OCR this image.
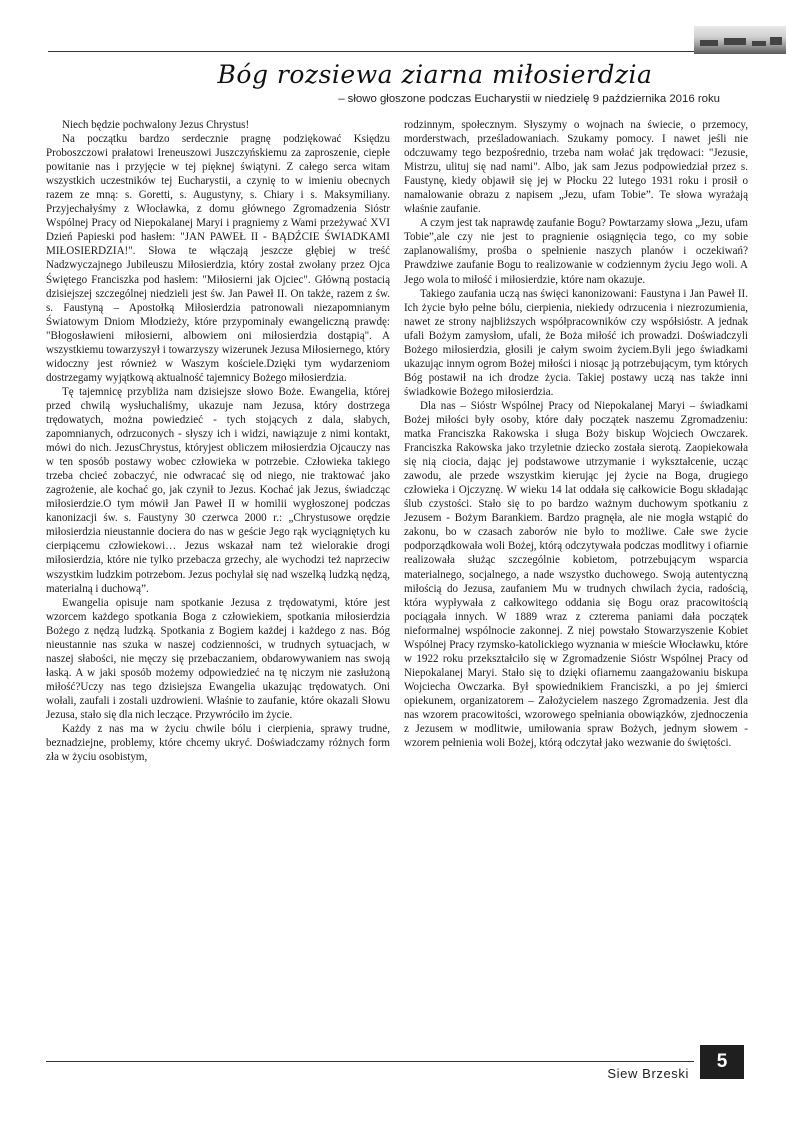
Bóg rozsiewa ziarna miłosierdzia
– słowo głoszone podczas Eucharystii w niedzielę 9 października 2016 roku

Niech będzie pochwalony Jezus Chrystus!

Na początku bardzo serdecznie pragnę podziękować Księdzu Proboszczowi prałatowi Ireneuszowi Juszczyńskiemu za zaproszenie, ciepłe powitanie nas i przyjęcie w tej pięknej świątyni. Z całego serca witam wszystkich uczestników tej Eucharystii, a czynię to w imieniu obecnych razem ze mną: s. Goretti, s. Augustyny, s. Chiary i s. Maksymiliany. Przyjechałyśmy z Włocławka, z domu głównego Zgromadzenia Sióstr Wspólnej Pracy od Niepokalanej Maryi i pragniemy z Wami przeżywać XVI Dzień Papieski pod hasłem: "JAN PAWEŁ II - BĄDŹCIE ŚWIADKAMI MIŁOSIERDZIA!". Słowa te włączają jeszcze głębiej w treść Nadzwyczajnego Jubileuszu Miłosierdzia, który został zwołany przez Ojca Świętego Franciszka pod hasłem: "Miłosierni jak Ojciec". Główną postacią dzisiejszej szczególnej niedzieli jest św. Jan Paweł II. On także, razem z św. s. Faustyną – Apostołką Miłosierdzia patronowali niezapomnianym Światowym Dniom Młodzieży, które przypominały ewangeliczną prawdę: "Błogosławieni miłosierni, albowiem oni miłosierdzia dostąpią". A wszystkiemu towarzyszył i towarzyszy wizerunek Jezusa Miłosiernego, który widoczny jest również w Waszym kościele.Dzięki tym wydarzeniom dostrzegamy wyjątkową aktualność tajemnicy Bożego miłosierdzia.

Tę tajemnicę przybliża nam dzisiejsze słowo Boże. Ewangelia, której przed chwilą wysłuchaliśmy, ukazuje nam Jezusa, który dostrzega trędowatych, można powiedzieć - tych stojących z dala, słabych, zapomnianych, odrzuconych - słyszy ich i widzi, nawiązuje z nimi kontakt, mówi do nich. JezusChrystus, któryjest obliczem miłosierdzia Ojcauczy nas w ten sposób postawy wobec człowieka w potrzebie. Człowieka takiego trzeba chcieć zobaczyć, nie odwracać się od niego, nie traktować jako zagrożenie, ale kochać go, jak czynił to Jezus. Kochać jak Jezus, świadcząc miłosierdzie.O tym mówił Jan Paweł II w homilii wygłoszonej podczas kanonizacji św. s. Faustyny 30 czerwca 2000 r.: „Chrystusowe orędzie miłosierdzia nieustannie dociera do nas w geście Jego rąk wyciągniętych ku cierpiącemu człowiekowi… Jezus wskazał nam też wielorakie drogi miłosierdzia, które nie tylko przebacza grzechy, ale wychodzi też naprzeciw wszystkim ludzkim potrzebom. Jezus pochylał się nad wszelką ludzką nędzą, materialną i duchową”.

Ewangelia opisuje nam spotkanie Jezusa z trędowatymi, które jest wzorcem każdego spotkania Boga z człowiekiem, spotkania miłosierdzia Bożego z nędzą ludzką. Spotkania z Bogiem każdej i każdego z nas. Bóg nieustannie nas szuka w naszej codzienności, w trudnych sytuacjach, w naszej słabości, nie męczy się przebaczaniem, obdarowywaniem nas swoją łaską. A w jaki sposób możemy odpowiedzieć na tę niczym nie zasłużoną miłość?Uczy nas tego dzisiejsza Ewangelia ukazując trędowatych. Oni wołali, zaufali i zostali uzdrowieni. Właśnie to zaufanie, które okazali Słowu Jezusa, stało się dla nich leczące. Przywróciło im życie.

Każdy z nas ma w życiu chwile bólu i cierpienia, sprawy trudne, beznadziejne, problemy, które chcemy ukryć. Doświadczamy różnych form zła w życiu osobistym,

rodzinnym, społecznym. Słyszymy o wojnach na świecie, o przemocy, morderstwach, prześladowaniach. Szukamy pomocy. I nawet jeśli nie odczuwamy tego bezpośrednio, trzeba nam wołać jak trędowaci: "Jezusie, Mistrzu, ulituj się nad nami". Albo, jak sam Jezus podpowiedział przez s. Faustynę, kiedy objawił się jej w Płocku 22 lutego 1931 roku i prosił o namalowanie obrazu z napisem „Jezu, ufam Tobie”. Te słowa wyrażają właśnie zaufanie.

A czym jest tak naprawdę zaufanie Bogu? Powtarzamy słowa „Jezu, ufam Tobie”,ale czy nie jest to pragnienie osiągnięcia tego, co my sobie zaplanowaliśmy, prośba o spełnienie naszych planów i oczekiwań? Prawdziwe zaufanie Bogu to realizowanie w codziennym życiu Jego woli. A Jego wola to miłość i miłosierdzie, które nam okazuje.

Takiego zaufania uczą nas święci kanonizowani: Faustyna i Jan Paweł II. Ich życie było pełne bólu, cierpienia, niekiedy odrzucenia i niezrozumienia, nawet ze strony najbliższych współpracowników czy współsióstr. A jednak ufali Bożym zamysłom, ufali, że Boża miłość ich prowadzi. Doświadczyli Bożego miłosierdzia, głosili je całym swoim życiem.Byli jego świadkami ukazując innym ogrom Bożej miłości i niosąc ją potrzebującym, tym których Bóg postawił na ich drodze życia. Takiej postawy uczą nas także inni świadkowie Bożego miłosierdzia.

Dla nas – Sióstr Wspólnej Pracy od Niepokalanej Maryi – świadkami Bożej miłości były osoby, które dały początek naszemu Zgromadzeniu: matka Franciszka Rakowska i sługa Boży biskup Wojciech Owczarek. Franciszka Rakowska jako trzyletnie dziecko została sierotą. Zaopiekowała się nią ciocia, dając jej podstawowe utrzymanie i wykształcenie, ucząc zawodu, ale przede wszystkim kierując jej życie na Boga, drugiego człowieka i Ojczyznę. W wieku 14 lat oddała się całkowicie Bogu składając ślub czystości. Stało się to po bardzo ważnym duchowym spotkaniu z Jezusem - Bożym Barankiem. Bardzo pragnęła, ale nie mogła wstąpić do zakonu, bo w czasach zaborów nie było to możliwe. Całe swe życie podporządkowała woli Bożej, którą odczytywała podczas modlitwy i ofiarnie realizowała służąc szczególnie kobietom, potrzebującym wsparcia materialnego, socjalnego, a nade wszystko duchowego. Swoją autentyczną miłością do Jezusa, zaufaniem Mu w trudnych chwilach życia, radością, która wypływała z całkowitego oddania się Bogu oraz pracowitością pociągała innych. W 1889 wraz z czterema paniami dała początek nieformalnej wspólnocie zakonnej. Z niej powstało Stowarzyszenie Kobiet Wspólnej Pracy rzymsko-katolickiego wyznania w mieście Włocławku, które w 1922 roku przekształciło się w Zgromadzenie Sióstr Wspólnej Pracy od Niepokalanej Maryi. Stało się to dzięki ofiarnemu zaangażowaniu biskupa Wojciecha Owczarka. Był spowiednikiem Franciszki, a po jej śmierci opiekunem, organizatorem – Założycielem naszego Zgromadzenia. Jest dla nas wzorem pracowitości, wzorowego spełniania obowiązków, zjednoczenia z Jezusem w modlitwie, umiłowania spraw Bożych, jednym słowem - wzorem pełnienia woli Bożej, którą odczytał jako wezwanie do świętości.

Siew Brzeski
5
